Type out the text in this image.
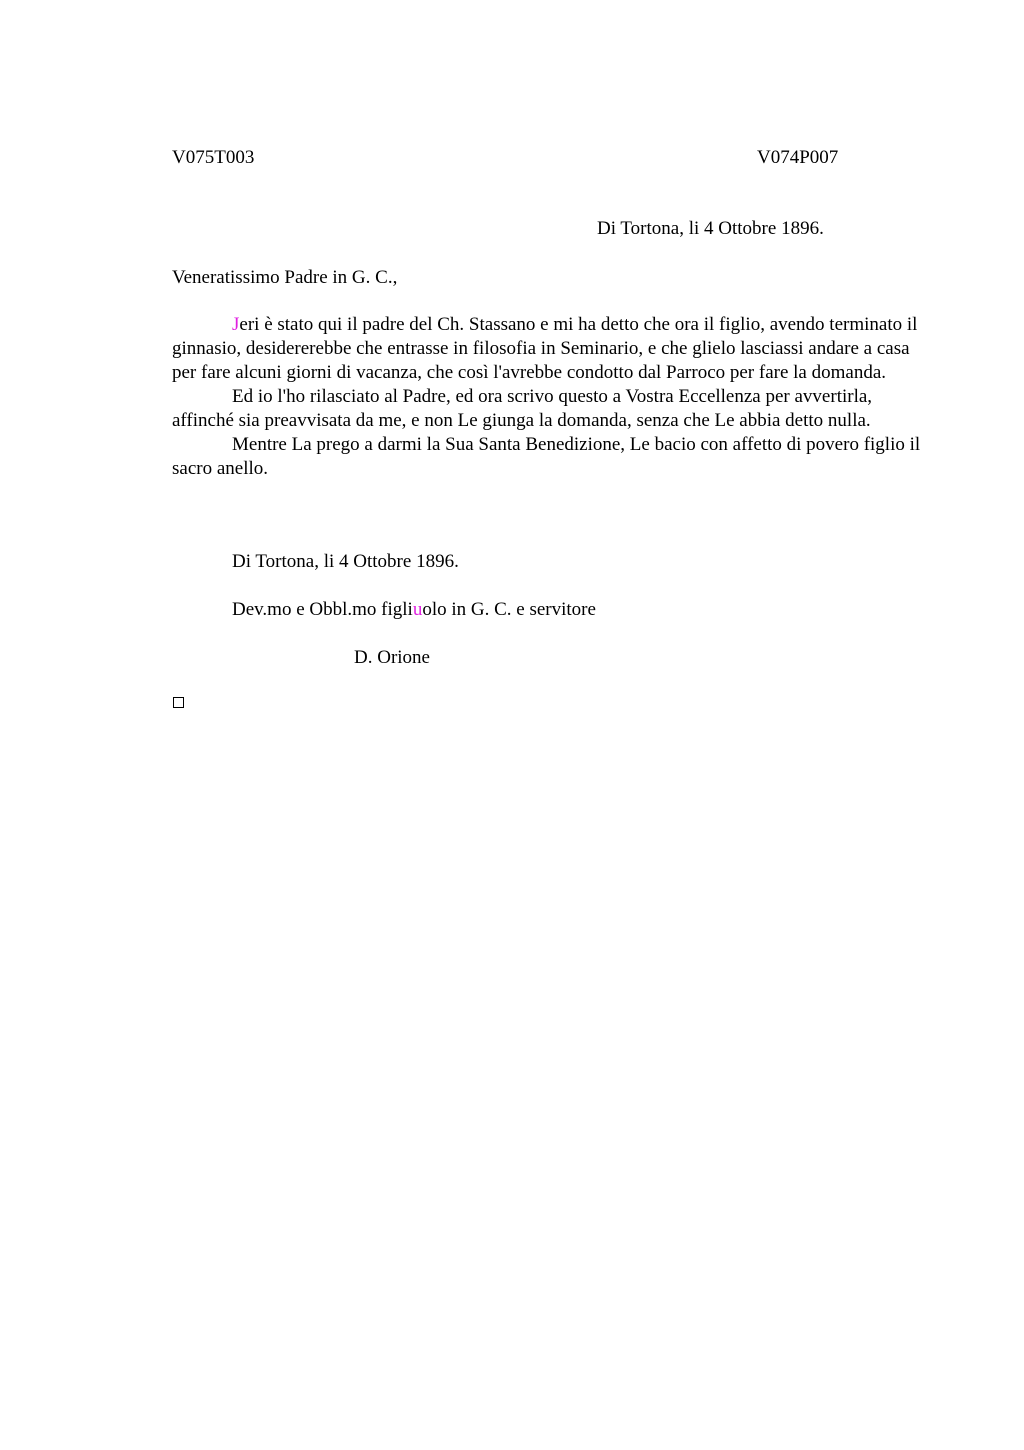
V075T003	V074P007
Di Tortona, li 4 Ottobre 1896.
Veneratissimo Padre in G. C.,

Jeri è stato qui il padre del Ch. Stassano e mi ha detto che ora il figlio, avendo terminato il ginnasio, desidererebbe che entrasse in filosofia in Seminario, e che glielo lasciassi andare a casa per fare alcuni giorni di vacanza, che così l'avrebbe condotto dal Parroco per fare la domanda.

Ed io l'ho rilasciato al Padre, ed ora scrivo questo a Vostra Eccellenza per avvertirla, affinché sia preavvisata da me, e non Le giunga la domanda, senza che Le abbia detto nulla.

Mentre La prego a darmi la Sua Santa Benedizione, Le bacio con affetto di povero figlio il sacro anello.

Di Tortona, li 4 Ottobre 1896.
Dev.mo e Obbl.mo figliuolo in G. C. e servitore
D. Orione
